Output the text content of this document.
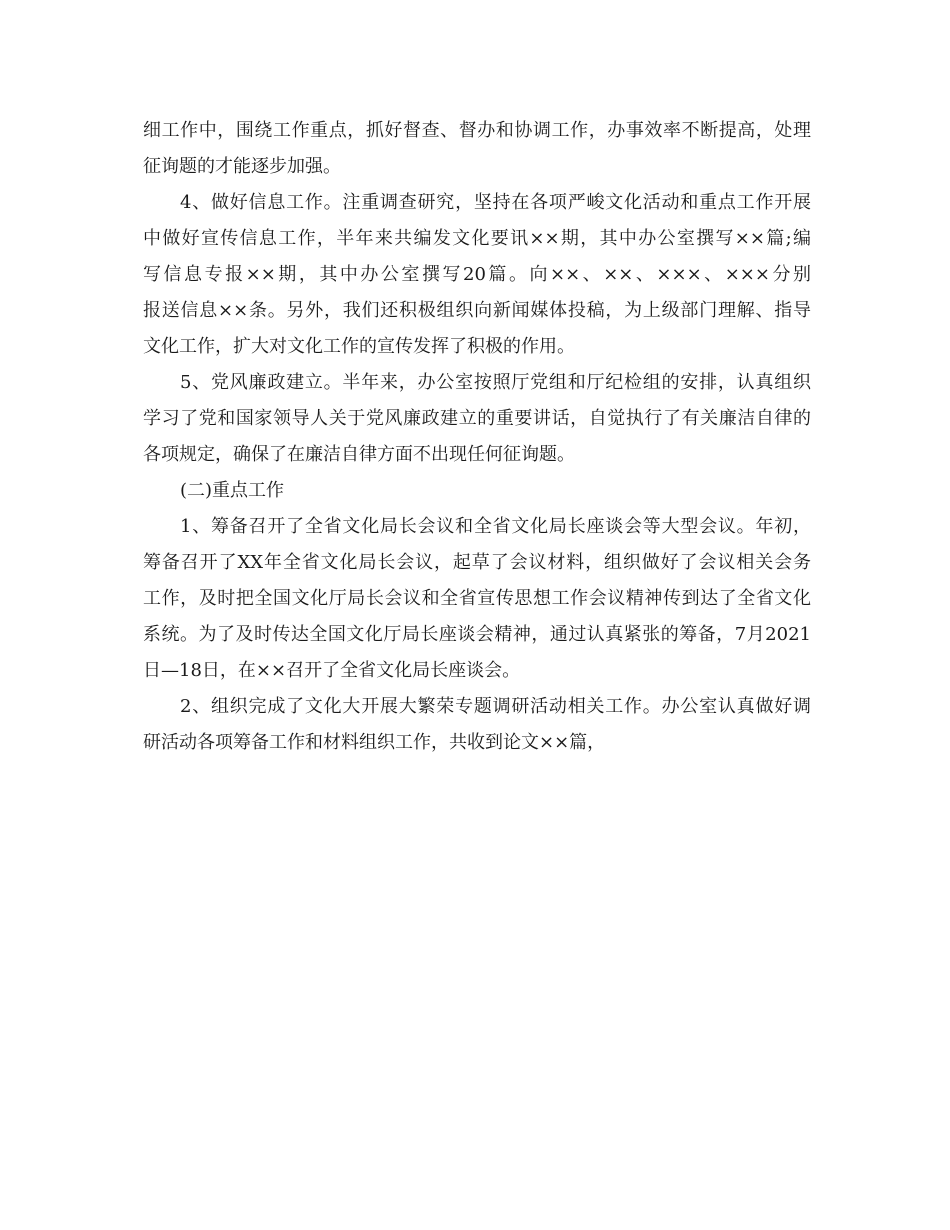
细工作中，围绕工作重点，抓好督查、督办和协调工作，办事效率不断提高，处理
征询题的才能逐步加强。
4、做好信息工作。注重调查研究，坚持在各项严峻文化活动和重点工作开展
中做好宣传信息工作，半年来共编发文化要讯××期，其中办公室撰写××篇;编
写信息专报××期，其中办公室撰写20篇。向××、××、×××、×××分别
报送信息××条。另外，我们还积极组织向新闻媒体投稿，为上级部门理解、指导
文化工作，扩大对文化工作的宣传发挥了积极的作用。
5、党风廉政建立。半年来，办公室按照厅党组和厅纪检组的安排，认真组织
学习了党和国家领导人关于党风廉政建立的重要讲话，自觉执行了有关廉洁自律的
各项规定，确保了在廉洁自律方面不出现任何征询题。
(二)重点工作
1、筹备召开了全省文化局长会议和全省文化局长座谈会等大型会议。年初，
筹备召开了XX年全省文化局长会议，起草了会议材料，组织做好了会议相关会务
工作，及时把全国文化厅局长会议和全省宣传思想工作会议精神传到达了全省文化
系统。为了及时传达全国文化厅局长座谈会精神，通过认真紧张的筹备，7月2021
日—18日，在××召开了全省文化局长座谈会。
2、组织完成了文化大开展大繁荣专题调研活动相关工作。办公室认真做好调
研活动各项筹备工作和材料组织工作，共收到论文××篇，
